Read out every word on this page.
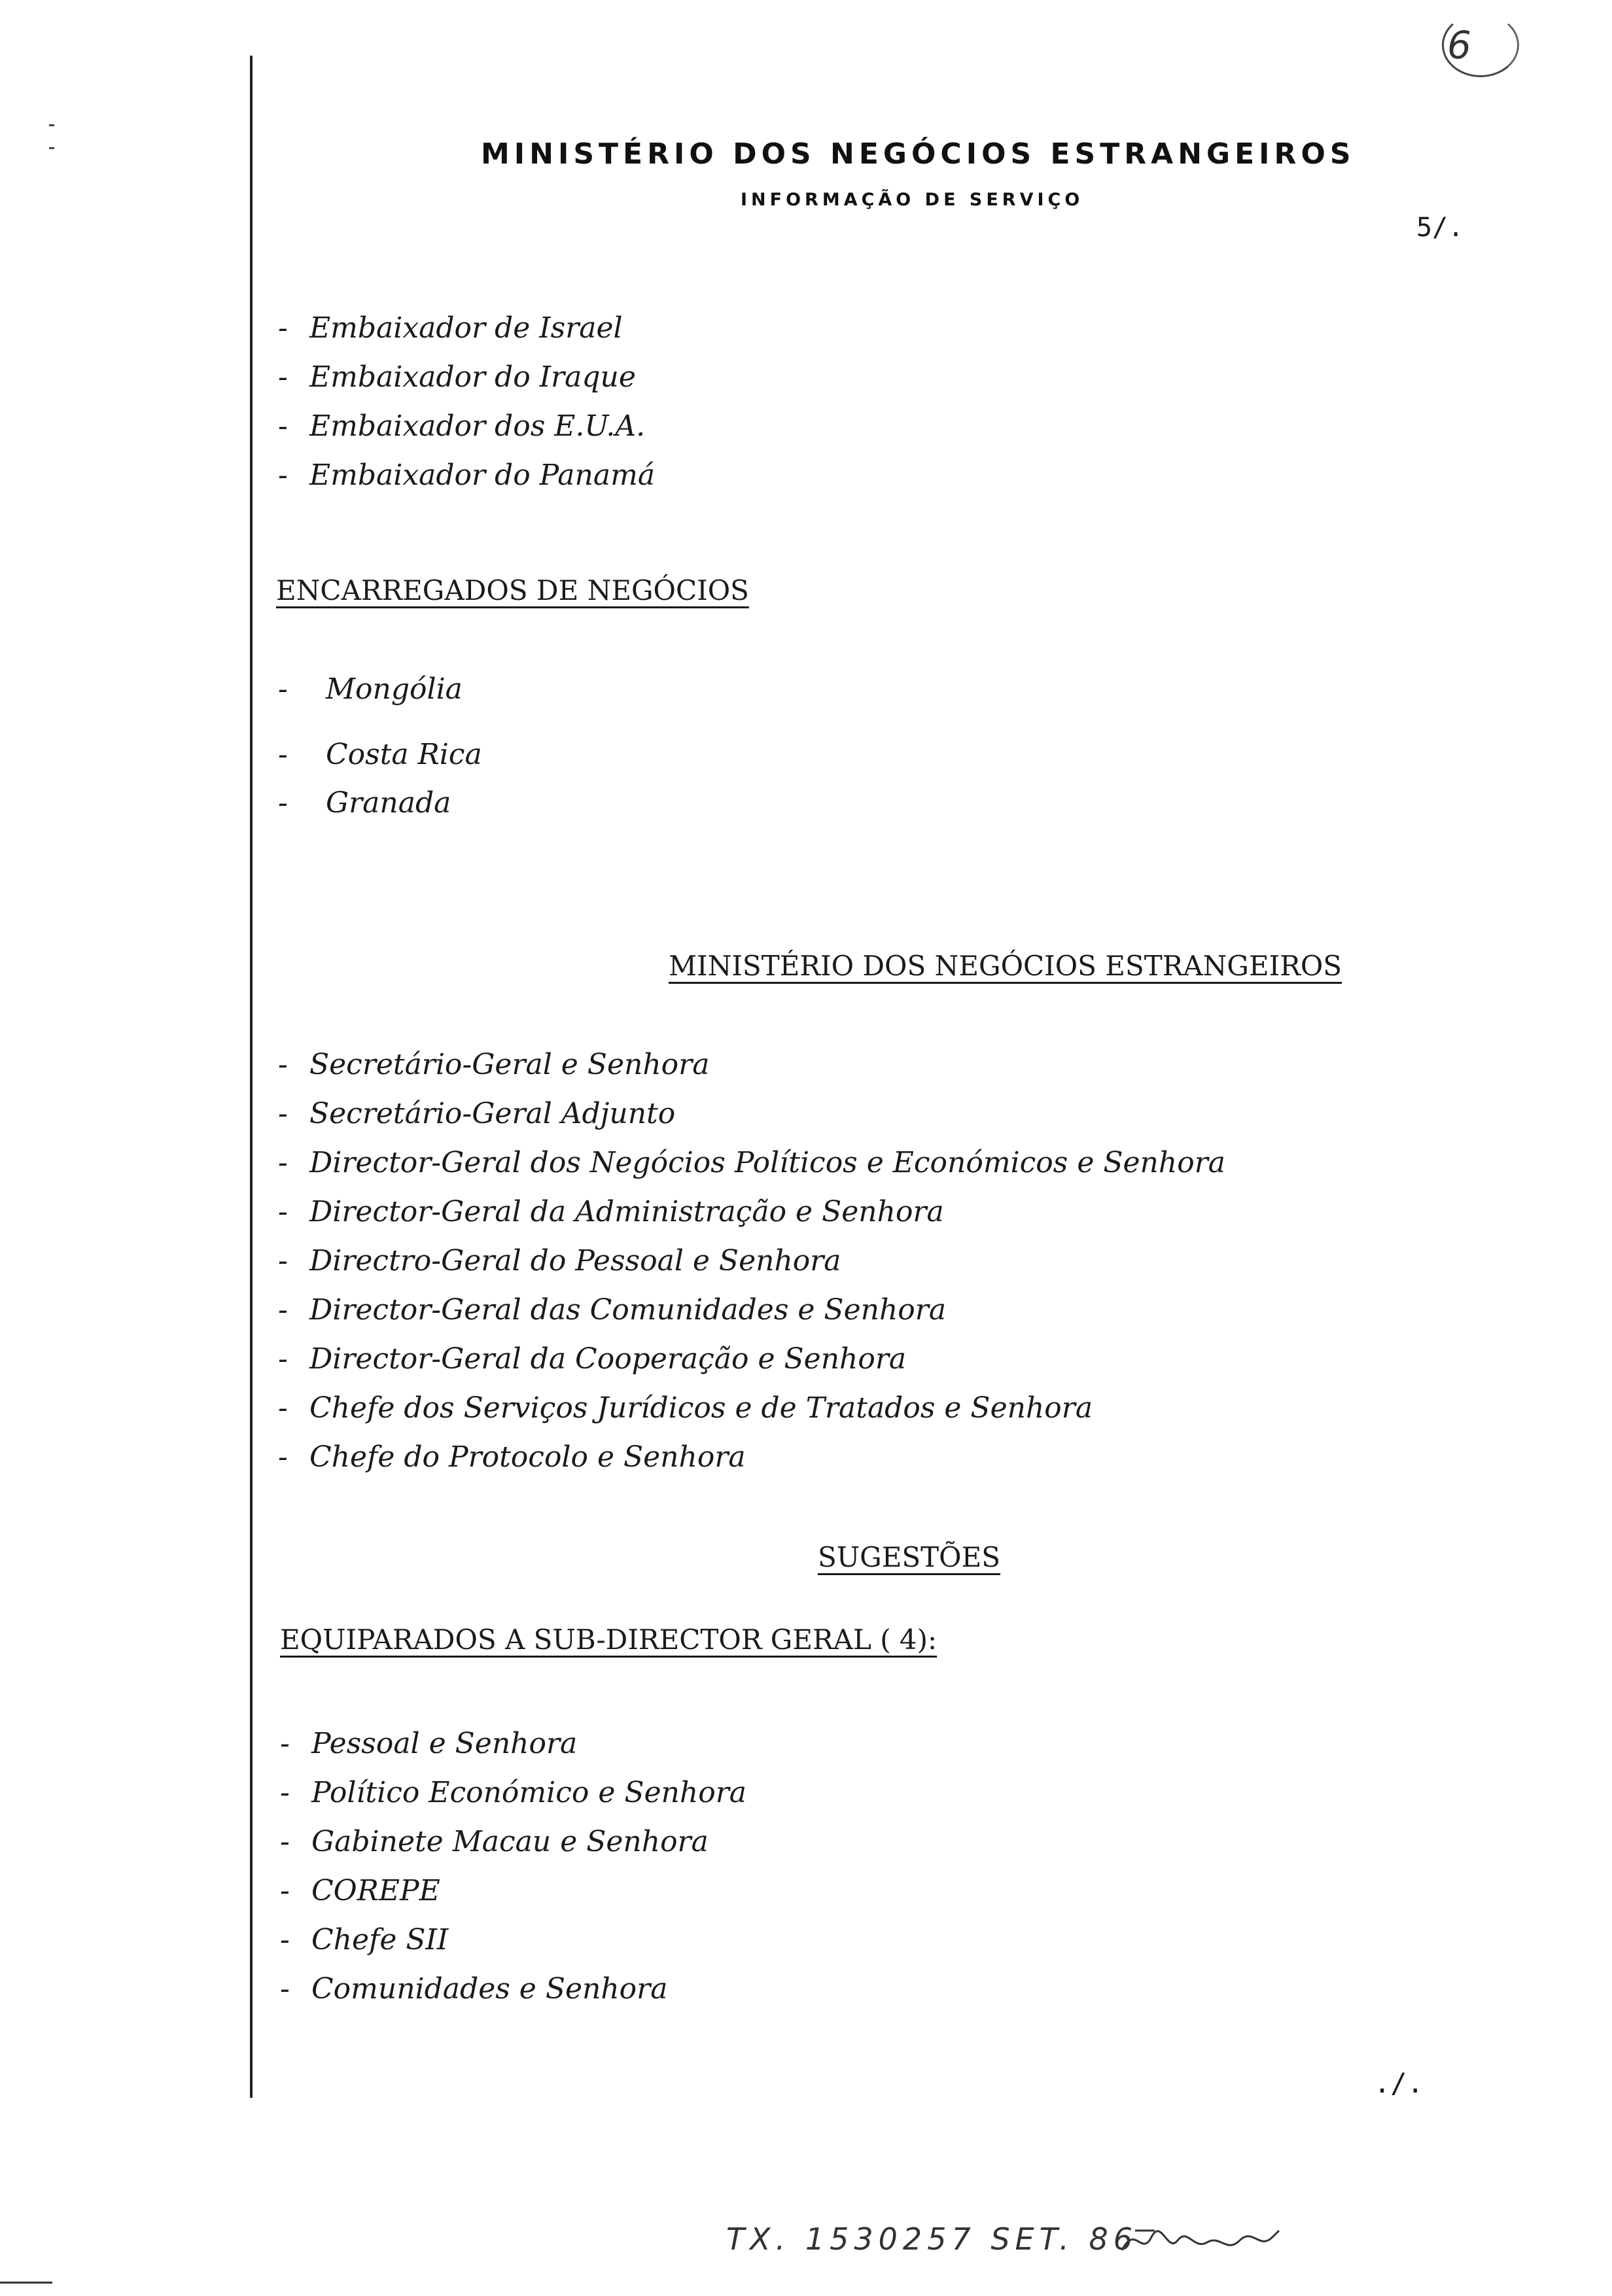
6
MINISTÉRIO DOS NEGÓCIOS ESTRANGEIROS
INFORMAÇÃO DE SERVIÇO
5/.
- Embaixador de Israel
- Embaixador do Iraque
- Embaixador dos E.U.A.
- Embaixador do Panamá
ENCARREGADOS DE NEGÓCIOS
- Mongólia
- Costa Rica
- Granada
MINISTÉRIO DOS NEGÓCIOS ESTRANGEIROS
- Secretário-Geral e Senhora
- Secretário-Geral Adjunto
- Director-Geral dos Negócios Políticos e Económicos e Senhora
- Director-Geral da Administração e Senhora
- Directro-Geral do Pessoal e Senhora
- Director-Geral das Comunidades e Senhora
- Director-Geral da Cooperação e Senhora
- Chefe dos Serviços Jurídicos e de Tratados e Senhora
- Chefe do Protocolo e Senhora
SUGESTÕES
EQUIPARADOS A SUB-DIRECTOR GERAL ( 4):
- Pessoal e Senhora
- Político Económico e Senhora
- Gabinete Macau e Senhora
- COREPE
- Chefe SII
- Comunidades e Senhora
./.
TX. 1530257 SET. 86
